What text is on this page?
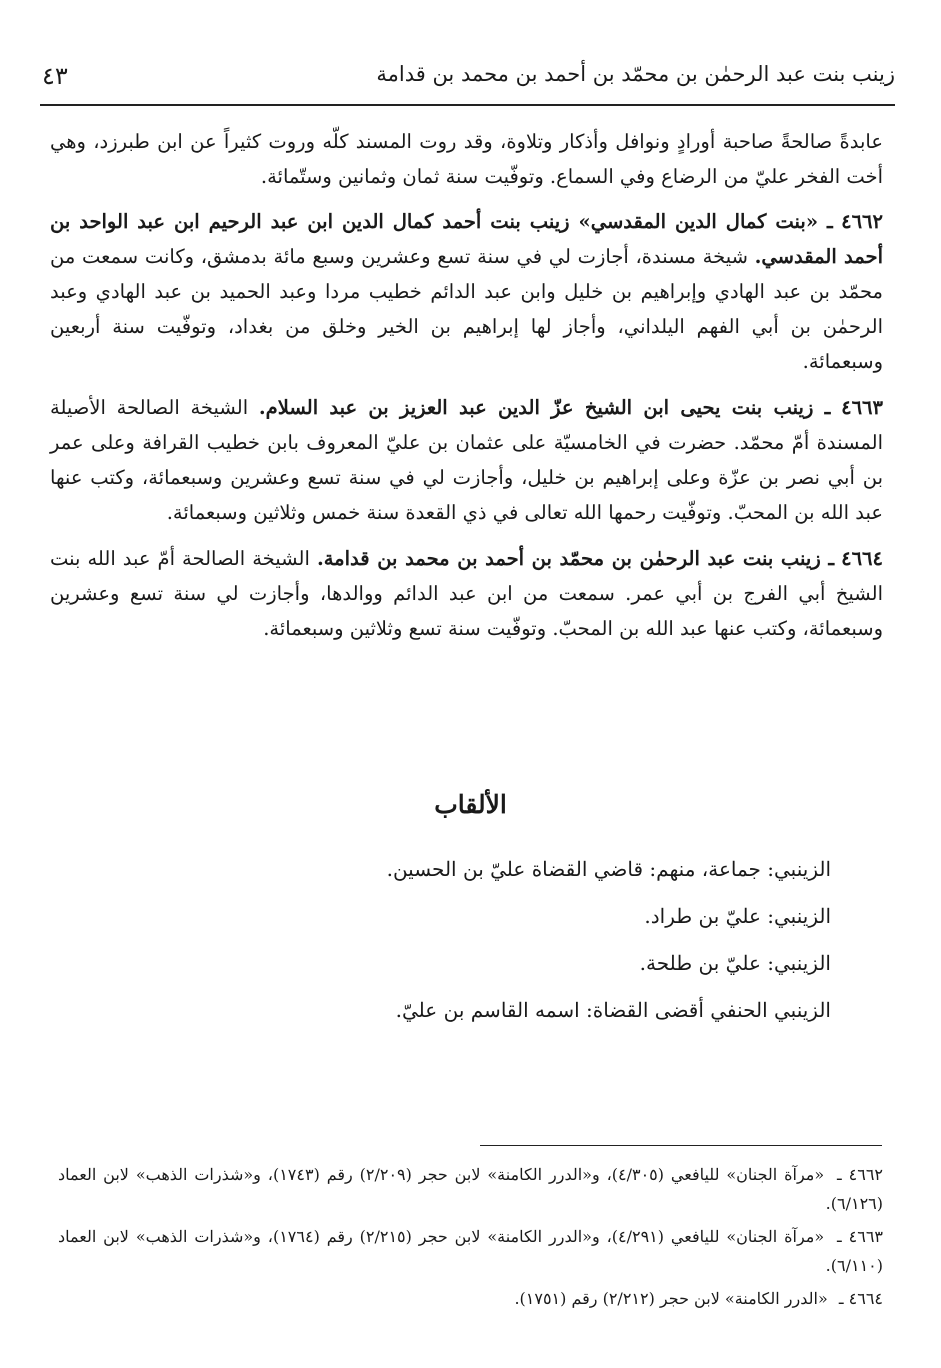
زينب بنت عبد الرحمٰن بن محمّد بن أحمد بن محمد بن قدامة
٤٣

عابدةً صالحةً صاحبة أورادٍ ونوافل وأذكار وتلاوة، وقد روت المسند كلّه وروت كثيراً عن ابن طبرزد، وهي أخت الفخر عليّ من الرضاع وفي السماع. وتوفّيت سنة ثمان وثمانين وستّمائة.

٤٦٦٢ ـ «بنت كمال الدين المقدسي» زينب بنت أحمد كمال الدين ابن عبد الرحيم ابن عبد الواحد بن أحمد المقدسي. شيخة مسندة، أجازت لي في سنة تسع وعشرين وسبع مائة بدمشق، وكانت سمعت من محمّد بن عبد الهادي وإبراهيم بن خليل وابن عبد الدائم خطيب مردا وعبد الحميد بن عبد الهادي وعبد الرحمٰن بن أبي الفهم اليلداني، وأجاز لها إبراهيم بن الخير وخلق من بغداد، وتوفّيت سنة أربعين وسبعمائة.

٤٦٦٣ ـ زينب بنت يحيى ابن الشيخ عزّ الدين عبد العزيز بن عبد السلام. الشيخة الصالحة الأصيلة المسندة أمّ محمّد. حضرت في الخامسيّة على عثمان بن عليّ المعروف بابن خطيب القرافة وعلى عمر بن أبي نصر بن عزّة وعلى إبراهيم بن خليل، وأجازت لي في سنة تسع وعشرين وسبعمائة، وكتب عنها عبد الله بن المحبّ. وتوفّيت رحمها الله تعالى في ذي القعدة سنة خمس وثلاثين وسبعمائة.

٤٦٦٤ ـ زينب بنت عبد الرحمٰن بن محمّد بن أحمد بن محمد بن قدامة. الشيخة الصالحة أمّ عبد الله بنت الشيخ أبي الفرج بن أبي عمر. سمعت من ابن عبد الدائم ووالدها، وأجازت لي سنة تسع وعشرين وسبعمائة، وكتب عنها عبد الله بن المحبّ. وتوفّيت سنة تسع وثلاثين وسبعمائة.

الألقاب
الزينبي: جماعة، منهم: قاضي القضاة عليّ بن الحسين.
الزينبي: عليّ بن طراد.
الزينبي: عليّ بن طلحة.
الزينبي الحنفي أقضى القضاة: اسمه القاسم بن عليّ.

٤٦٦٢ ـ «مرآة الجنان» لليافعي (٤/٣٠٥)، و«الدرر الكامنة» لابن حجر (٢/٢٠٩) رقم (١٧٤٣)، و«شذرات الذهب» لابن العماد (٦/١٢٦).

٤٦٦٣ ـ «مرآة الجنان» لليافعي (٤/٢٩١)، و«الدرر الكامنة» لابن حجر (٢/٢١٥) رقم (١٧٦٤)، و«شذرات الذهب» لابن العماد (٦/١١٠).

٤٦٦٤ ـ «الدرر الكامنة» لابن حجر (٢/٢١٢) رقم (١٧٥١).
